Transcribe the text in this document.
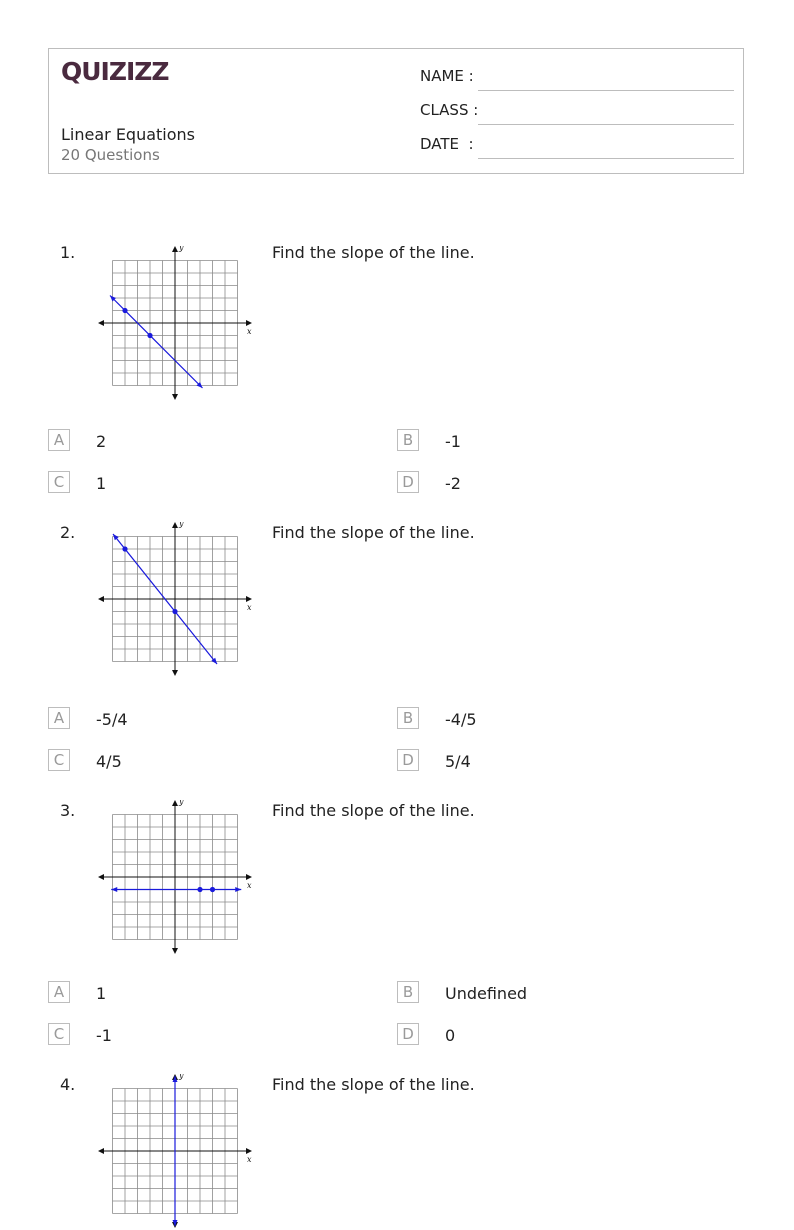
QUIZIZZ
Linear Equations
20 Questions
NAME :
CLASS :
DATE  :
1.
x
y	Find the slope of the line.
A	2	B	-1
C	1	D	-2
2.
x
y	Find the slope of the line.
A	-5/4	B	-4/5
C	4/5	D	5/4
3.
x
y	Find the slope of the line.
A	1	B	Undefined
C	-1	D	0
4.
x
y	Find the slope of the line.
